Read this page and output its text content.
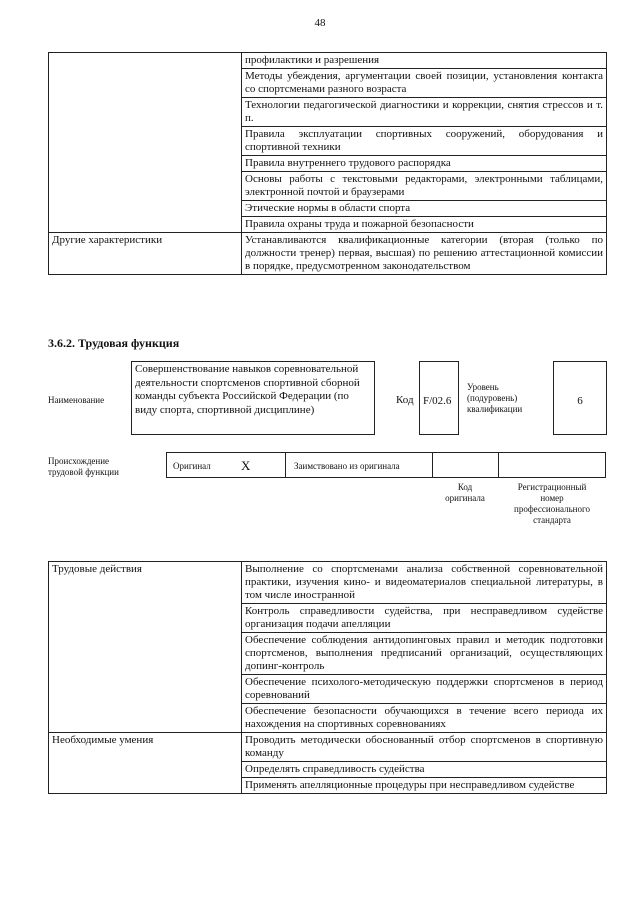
48
	профилактики и разрешения
	Методы убеждения, аргументации своей позиции, установления контакта со спортсменами разного возраста
	Технологии педагогической диагностики и коррекции, снятия стрессов и т. п.
	Правила эксплуатации спортивных сооружений, оборудования и спортивной техники
	Правила внутреннего трудового распорядка
	Основы работы с текстовыми редакторами, электронными таблицами, электронной почтой и браузерами
	Этические нормы в области спорта
	Правила охраны труда и пожарной безопасности
Другие характеристики	Устанавливаются квалификационные категории (вторая (только по должности тренер) первая, высшая) по решению аттестационной комиссии в порядке, предусмотренном законодательством
3.6.2. Трудовая функция
Наименование
Совершенствование навыков соревновательной деятельности спортсменов спортивной сборной команды субъекта Российской Федерации (по виду спорта, спортивной дисциплине)
Код F/02.6
Уровень
(подуровень)
квалификации
6
Происхождение
трудовой функции
Оригинал X	Заимствовано из оригинала
Код
оригинала
Регистрационный
номер
профессионального
стандарта
Трудовые действия	Выполнение со спортсменами анализа собственной соревновательной практики, изучения кино- и видеоматериалов специальной литературы, в том числе иностранной
	Контроль справедливости судейства, при несправедливом судействе организация подачи апелляции
	Обеспечение соблюдения антидопинговых правил и методик подготовки спортсменов, выполнения предписаний организаций, осуществляющих допинг-контроль
	Обеспечение психолого-методическую поддержки спортсменов в период соревнований
	Обеспечение безопасности обучающихся в течение всего периода их нахождения на спортивных соревнованиях
Необходимые умения	Проводить методически обоснованный отбор спортсменов в спортивную команду
	Определять справедливость судейства
	Применять апелляционные процедуры при несправедливом судействе
